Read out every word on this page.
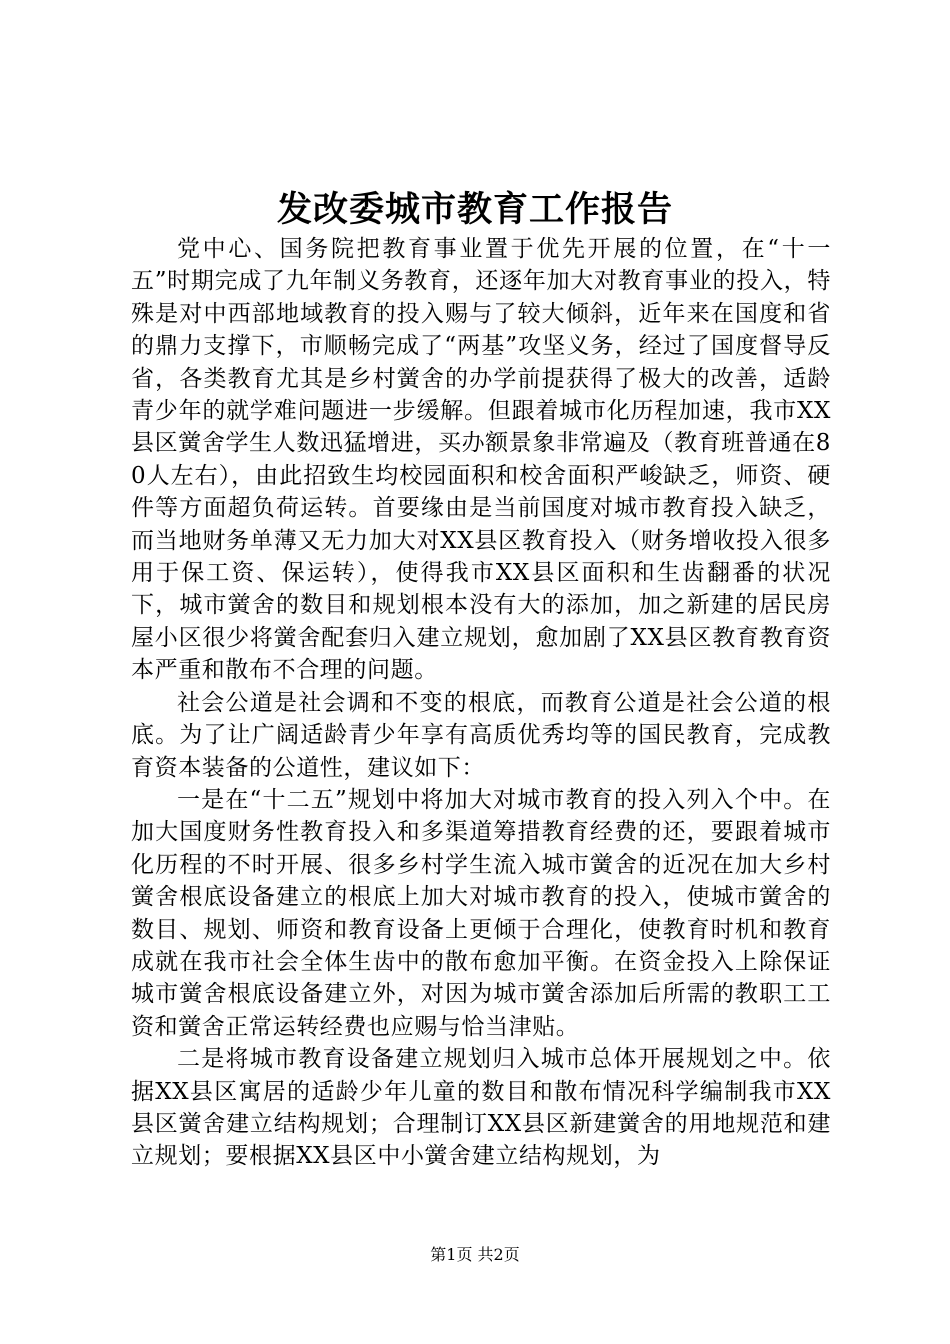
发改委城市教育工作报告

党中心、国务院把教育事业置于优先开展的位置，在“十一五”时期完成了九年制义务教育，还逐年加大对教育事业的投入，特殊是对中西部地域教育的投入赐与了较大倾斜，近年来在国度和省的鼎力支撑下，市顺畅完成了“两基”攻坚义务，经过了国度督导反省，各类教育尤其是乡村黉舍的办学前提获得了极大的改善，适龄青少年的就学难问题进一步缓解。但跟着城市化历程加速，我市XX县区黉舍学生人数迅猛增进，买办额景象非常遍及（教育班普通在80人左右），由此招致生均校园面积和校舍面积严峻缺乏，师资、硬件等方面超负荷运转。首要缘由是当前国度对城市教育投入缺乏，而当地财务单薄又无力加大对XX县区教育投入（财务增收投入很多用于保工资、保运转），使得我市XX县区面积和生齿翻番的状况下，城市黉舍的数目和规划根本没有大的添加，加之新建的居民房屋小区很少将黉舍配套归入建立规划，愈加剧了XX县区教育教育资本严重和散布不合理的问题。

社会公道是社会调和不变的根底，而教育公道是社会公道的根底。为了让广阔适龄青少年享有高质优秀均等的国民教育，完成教育资本装备的公道性，建议如下：

一是在“十二五”规划中将加大对城市教育的投入列入个中。在加大国度财务性教育投入和多渠道筹措教育经费的还，要跟着城市化历程的不时开展、很多乡村学生流入城市黉舍的近况在加大乡村黉舍根底设备建立的根底上加大对城市教育的投入，使城市黉舍的数目、规划、师资和教育设备上更倾于合理化，使教育时机和教育成就在我市社会全体生齿中的散布愈加平衡。在资金投入上除保证城市黉舍根底设备建立外，对因为城市黉舍添加后所需的教职工工资和黉舍正常运转经费也应赐与恰当津贴。

二是将城市教育设备建立规划归入城市总体开展规划之中。依据XX县区寓居的适龄少年儿童的数目和散布情况科学编制我市XX县区黉舍建立结构规划；合理制订XX县区新建黉舍的用地规范和建立规划；要根据XX县区中小黉舍建立结构规划，为

第1页 共2页
